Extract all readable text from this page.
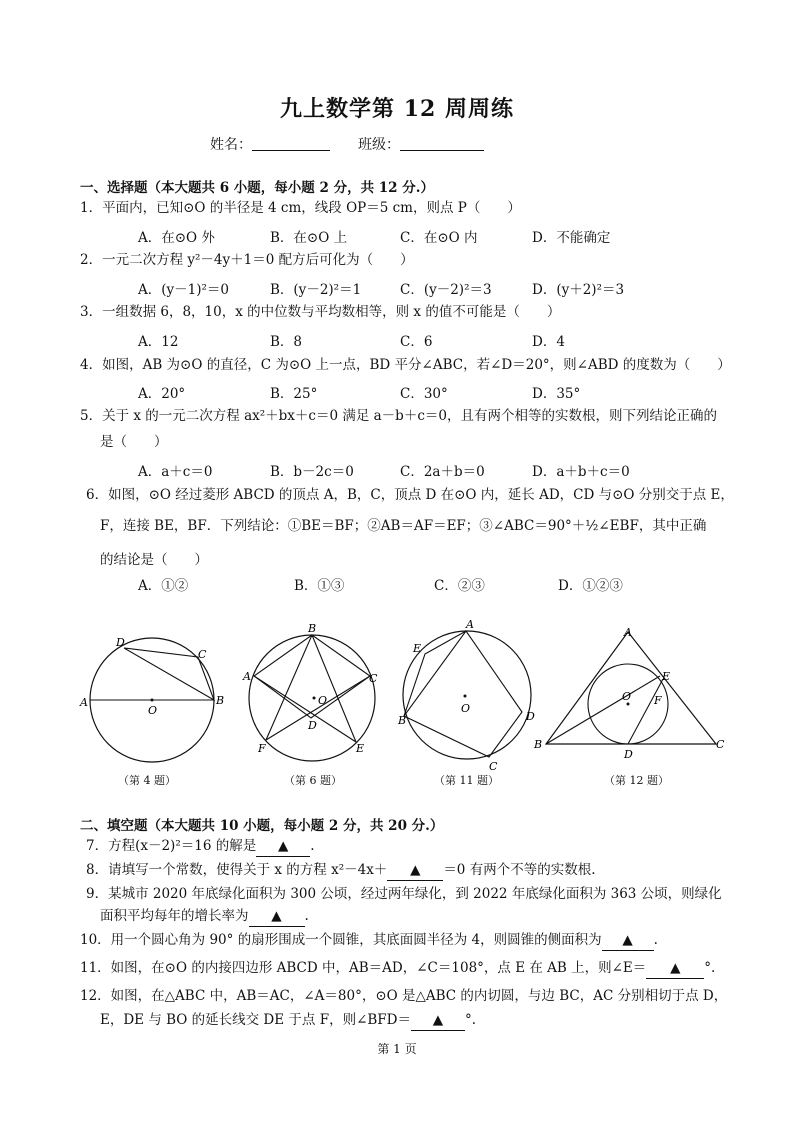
九上数学第 12 周周练
姓名：	班级：
一、选择题（本大题共 6 小题，每小题 2 分，共 12 分.）
1．平面内，已知⊙O 的半径是 4 cm，线段 OP＝5 cm，则点 P（　　）
A．在⊙O 外	B．在⊙O 上	C．在⊙O 内	D．不能确定
2．一元二次方程 y²－4y＋1＝0 配方后可化为（　　）
A．(y－1)²＝0	B．(y－2)²＝1	C．(y－2)²＝3	D．(y＋2)²＝3
3．一组数据 6，8，10，x 的中位数与平均数相等，则 x 的值不可能是（　　）
A．12	B．8	C．6	D．4
4．如图，AB 为⊙O 的直径，C 为⊙O 上一点，BD 平分∠ABC，若∠D＝20°，则∠ABD 的度数为（　　）
A．20°	B．25°	C．30°	D．35°
5．关于 x 的一元二次方程 ax²＋bx＋c＝0 满足 a－b＋c＝0，且有两个相等的实数根，则下列结论正确的
是（　　）
A．a＋c＝0	B．b－2c＝0	C．2a＋b＝0	D．a＋b＋c＝0
6．如图，⊙O 经过菱形 ABCD 的顶点 A，B，C，顶点 D 在⊙O 内，延长 AD，CD 与⊙O 分别交于点 E，
F，连接 BE，BF．下列结论：①BE＝BF；②AB＝AF＝EF；③∠ABC＝90°＋½∠EBF，其中正确
的结论是（　　）
A．①②	B．①③	C．②③	D．①②③
D
C
A
O
B
（第 4 题）
B
A	C
O
D
F	E
（第 6 题）
A
E
O
B	D
C
（第 11 题）
A
E
O F
B
D
C
（第 12 题）
二、填空题（本大题共 10 小题，每小题 2 分，共 20 分.）
7．方程(x－2)²＝16 的解是 ▲ .
8．请填写一个常数，使得关于 x 的方程 x²－4x＋ ▲ ＝0 有两个不等的实数根.
9．某城市 2020 年底绿化面积为 300 公顷，经过两年绿化，到 2022 年底绿化面积为 363 公顷，则绿化
面积平均每年的增长率为 ▲ .
10．用一个圆心角为 90° 的扇形围成一个圆锥，其底面圆半径为 4，则圆锥的侧面积为 ▲ .
11．如图，在⊙O 的内接四边形 ABCD 中，AB＝AD，∠C＝108°，点 E 在 AB 上，则∠E＝ ▲ °.
12．如图，在△ABC 中，AB＝AC，∠A＝80°，⊙O 是△ABC 的内切圆，与边 BC，AC 分别相切于点 D，
E，DE 与 BO 的延长线交 DE 于点 F，则∠BFD＝ ▲ °.
第 1 页
